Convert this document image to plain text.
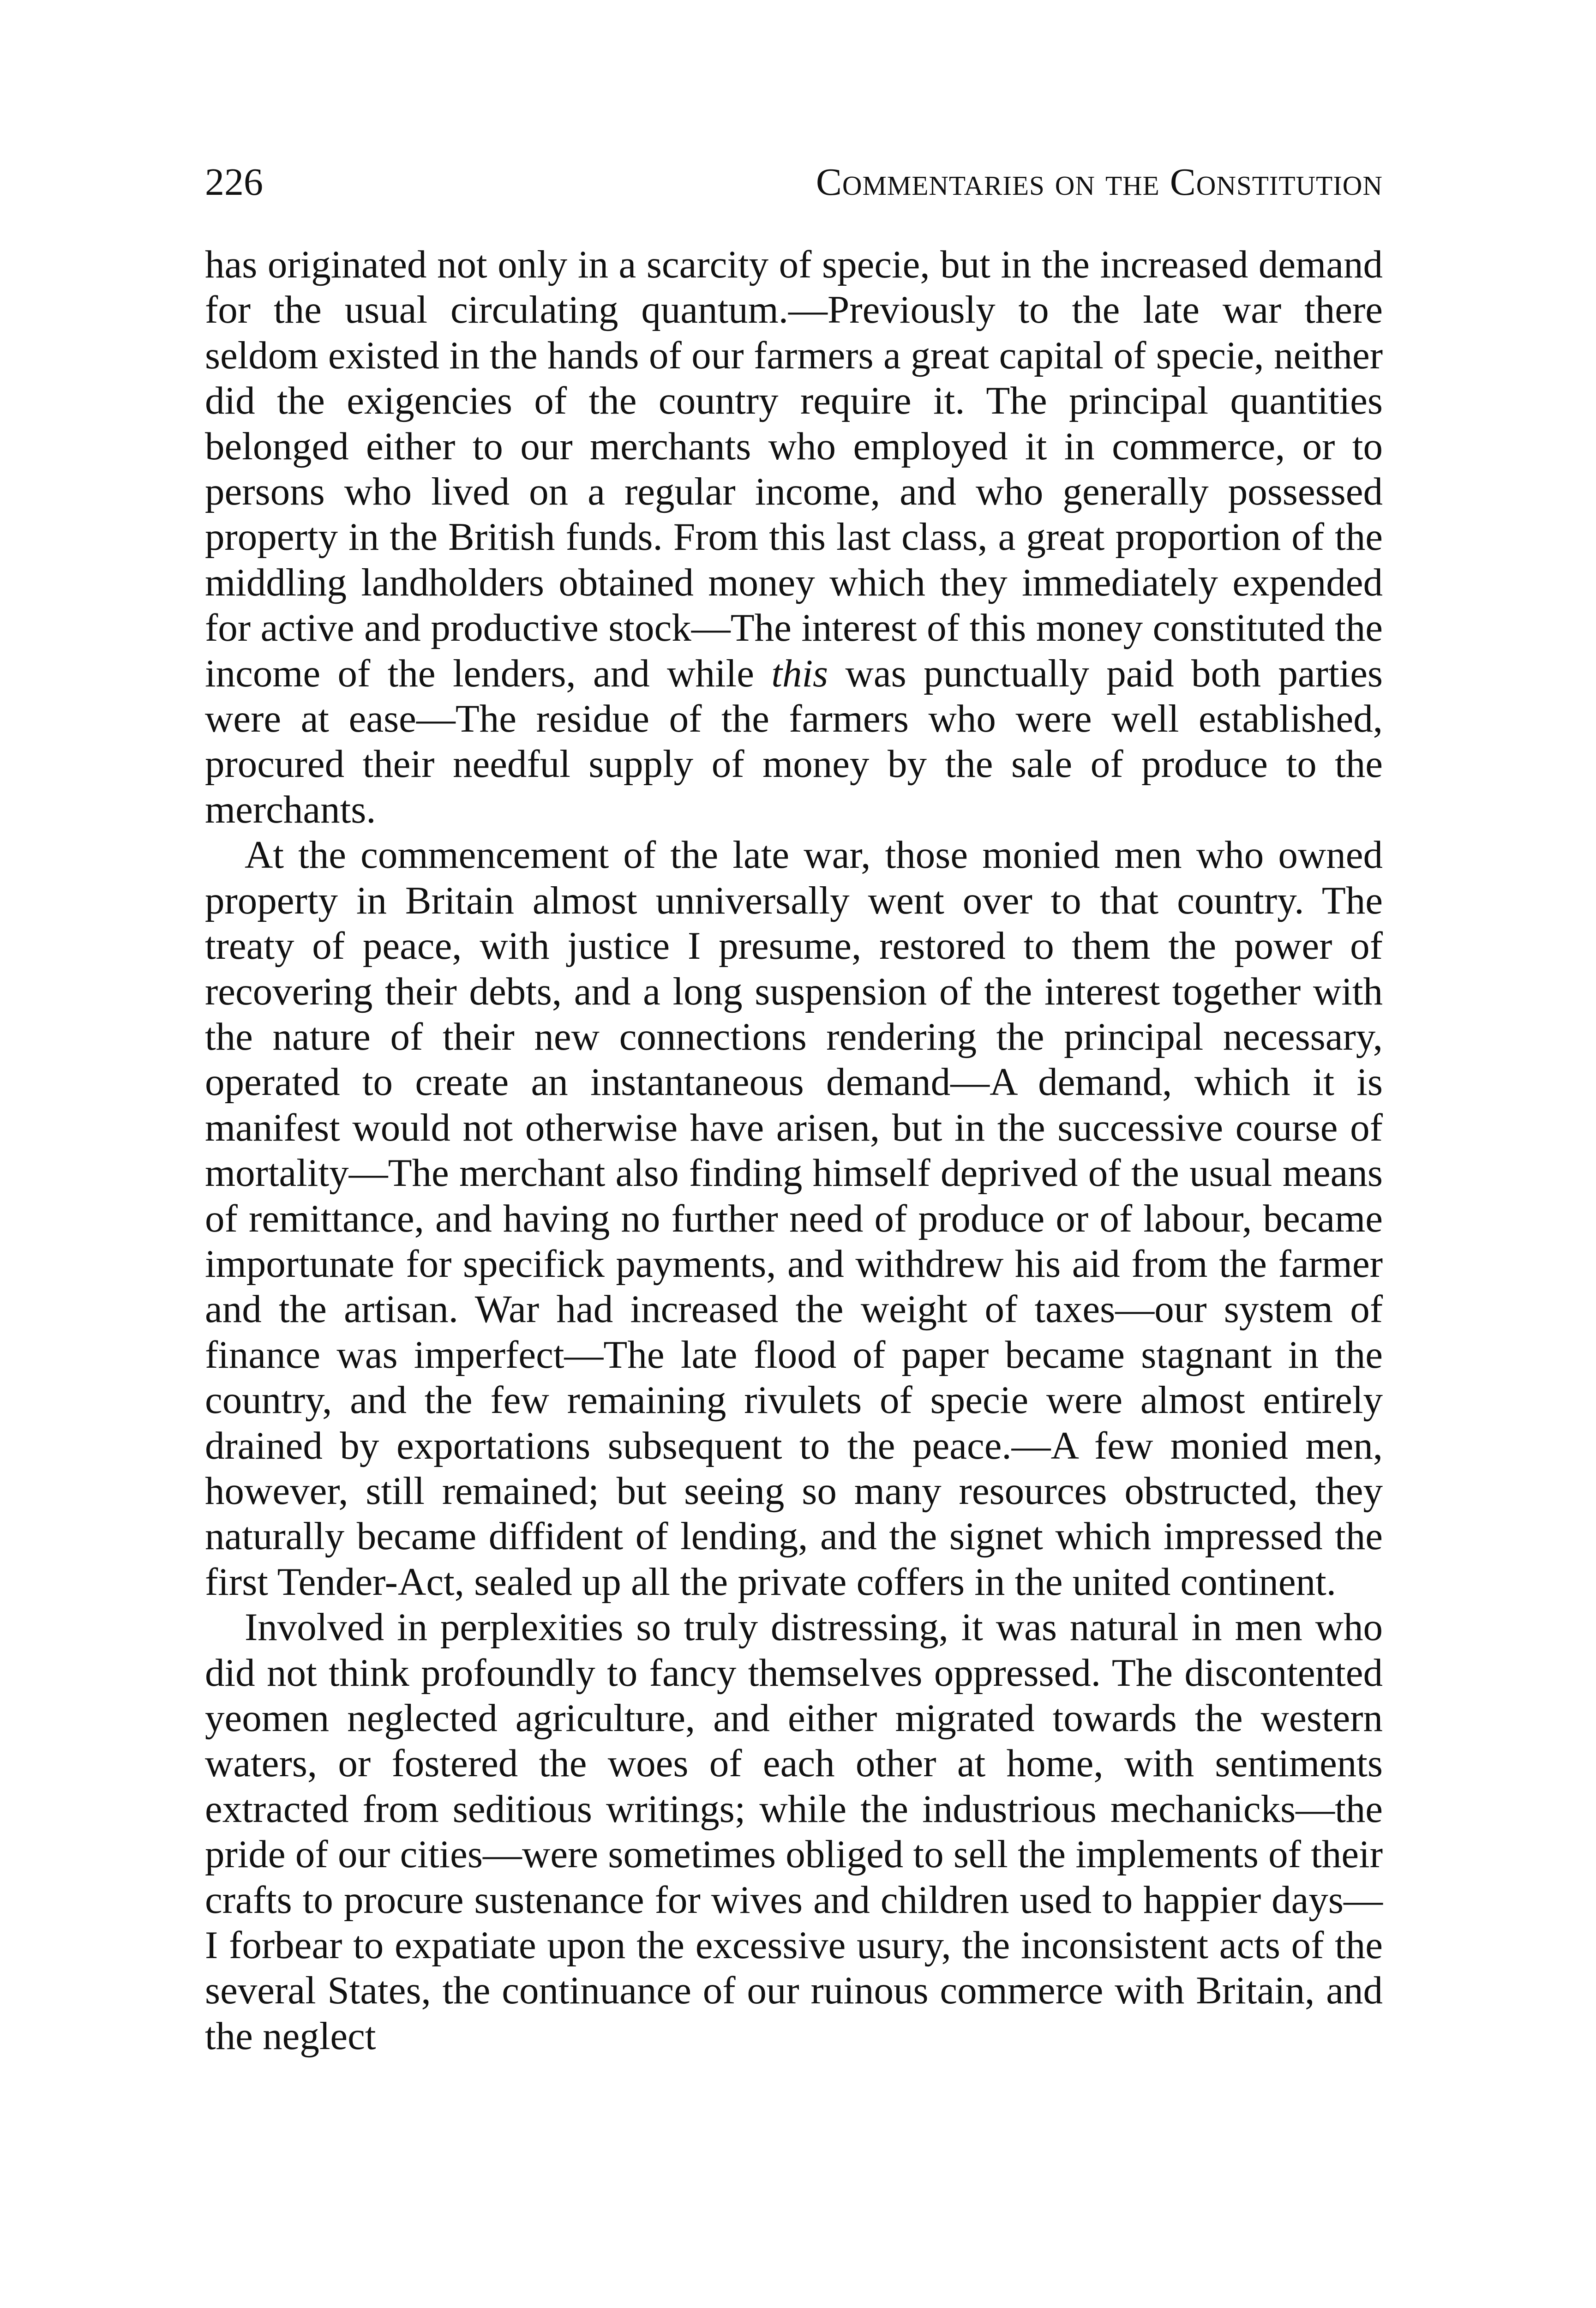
226	Commentaries on the Constitution

has originated not only in a scarcity of specie, but in the increased demand for the usual circulating quantum.—Previously to the late war there seldom existed in the hands of our farmers a great capital of specie, neither did the exigencies of the country require it. The principal quantities belonged either to our merchants who employed it in commerce, or to persons who lived on a regular income, and who generally possessed property in the British funds. From this last class, a great proportion of the middling landholders obtained money which they immediately expended for active and productive stock—The interest of this money constituted the income of the lenders, and while this was punctually paid both parties were at ease—The residue of the farmers who were well established, procured their needful supply of money by the sale of produce to the merchants.

At the commencement of the late war, those monied men who owned property in Britain almost unniversally went over to that country. The treaty of peace, with justice I presume, restored to them the power of recovering their debts, and a long suspension of the interest together with the nature of their new connections rendering the principal necessary, operated to create an instantaneous demand—A demand, which it is manifest would not otherwise have arisen, but in the successive course of mortality—The merchant also finding himself deprived of the usual means of remittance, and having no further need of produce or of labour, became importunate for specifick payments, and withdrew his aid from the farmer and the artisan. War had increased the weight of taxes—our system of finance was imperfect—The late flood of paper became stagnant in the country, and the few remaining rivulets of specie were almost entirely drained by exportations subsequent to the peace.—A few monied men, however, still remained; but seeing so many resources obstructed, they naturally became diffident of lending, and the signet which impressed the first Tender-Act, sealed up all the private coffers in the united continent.

Involved in perplexities so truly distressing, it was natural in men who did not think profoundly to fancy themselves oppressed. The discontented yeomen neglected agriculture, and either migrated towards the western waters, or fostered the woes of each other at home, with sentiments extracted from seditious writings; while the industrious mechanicks—the pride of our cities—were sometimes obliged to sell the implements of their crafts to procure sustenance for wives and children used to happier days—I forbear to expatiate upon the excessive usury, the inconsistent acts of the several States, the continuance of our ruinous commerce with Britain, and the neglect
